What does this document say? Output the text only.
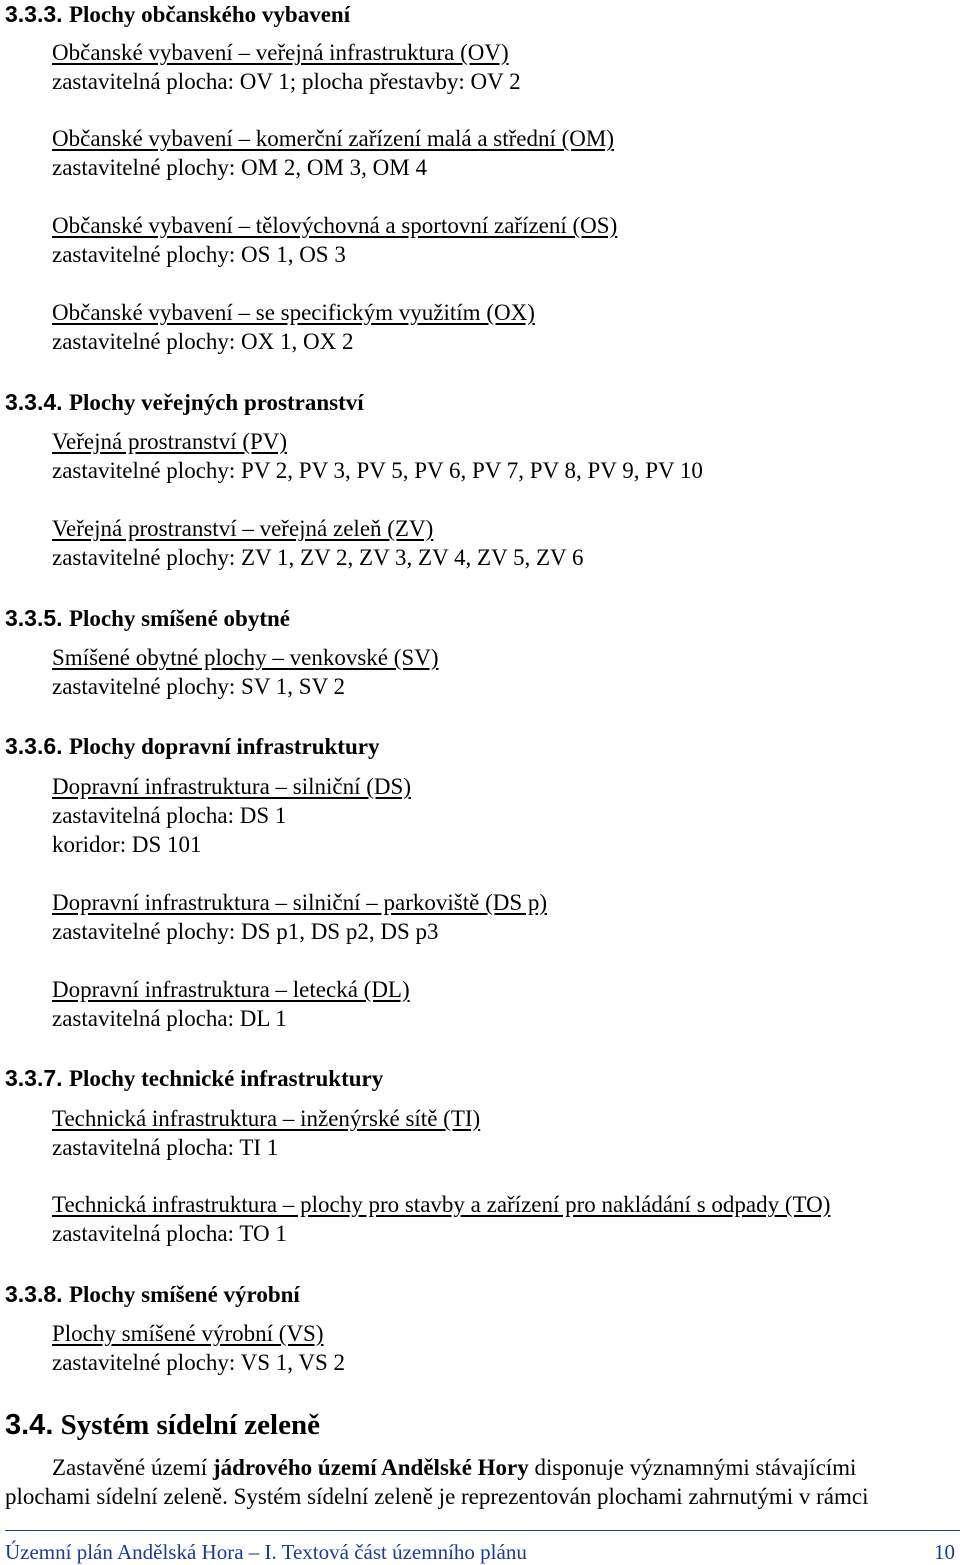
3.3.3. Plochy občanského vybavení

Občanské vybavení – veřejná infrastruktura (OV)

zastavitelná plocha: OV 1; plocha přestavby: OV 2

Občanské vybavení – komerční zařízení malá a střední (OM)

zastavitelné plochy: OM 2, OM 3, OM 4

Občanské vybavení – tělovýchovná a sportovní zařízení (OS)

zastavitelné plochy: OS 1, OS 3

Občanské vybavení – se specifickým využitím (OX)

zastavitelné plochy: OX 1, OX 2

3.3.4. Plochy veřejných prostranství

Veřejná prostranství (PV)

zastavitelné plochy: PV 2, PV 3, PV 5, PV 6, PV 7, PV 8, PV 9, PV 10

Veřejná prostranství – veřejná zeleň (ZV)

zastavitelné plochy: ZV 1, ZV 2, ZV 3, ZV 4, ZV 5, ZV 6

3.3.5. Plochy smíšené obytné

Smíšené obytné plochy – venkovské (SV)

zastavitelné plochy: SV 1, SV 2

3.3.6. Plochy dopravní infrastruktury

Dopravní infrastruktura – silniční (DS)

zastavitelná plocha: DS 1

koridor: DS 101

Dopravní infrastruktura – silniční – parkoviště (DS p)

zastavitelné plochy: DS p1, DS p2, DS p3

Dopravní infrastruktura – letecká (DL)

zastavitelná plocha: DL 1

3.3.7. Plochy technické infrastruktury

Technická infrastruktura – inženýrské sítě (TI)

zastavitelná plocha: TI 1

Technická infrastruktura – plochy pro stavby a zařízení pro nakládání s odpady (TO)

zastavitelná plocha: TO 1

3.3.8. Plochy smíšené výrobní

Plochy smíšené výrobní (VS)

zastavitelné plochy: VS 1, VS 2

3.4. Systém sídelní zeleně

Zastavěné území jádrového území Andělské Hory disponuje významnými stávajícími

plochami sídelní zeleně. Systém sídelní zeleně je reprezentován plochami zahrnutými v rámci

Územní plán Andělská Hora – I. Textová část územního plánu	10
